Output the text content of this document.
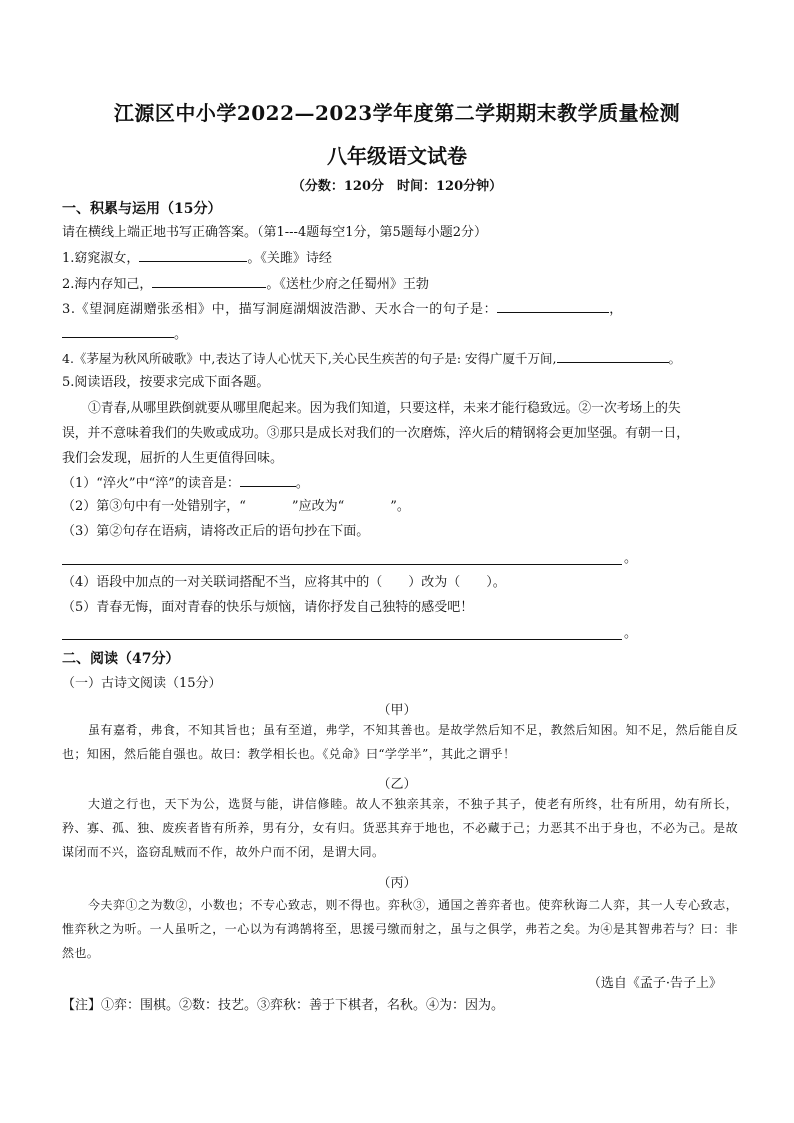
江源区中小学2022—2023学年度第二学期期末教学质量检测
八年级语文试卷
（分数：120分　时间：120分钟）
一、积累与运用（15分）
请在横线上端正地书写正确答案。（第1---4题每空1分，第5题每小题2分）
1.窈窕淑女，	。《关雎》诗经
2.海内存知己，	。《送杜少府之任蜀州》王勃
3.《望洞庭湖赠张丞相》中，描写洞庭湖烟波浩渺、天水合一的句子是：	，
。
4.《茅屋为秋风所破歌》中,表达了诗人心忧天下,关心民生疾苦的句子是: 安得广厦千万间,	。
5.阅读语段，按要求完成下面各题。
①青春,从哪里跌倒就要从哪里爬起来。因为我们知道，只要这样，未来才能行稳致远。②一次考场上的失
误，并不意味着我们的失败或成功。③那只是成长对我们的一次磨炼，淬火后的精钢将会更加坚强。有朝一日，
我们会发现，屈折的人生更值得回味。
（1）“淬火”中“淬”的读音是：	。
（2）第③句中有一处错别字，“	”应改为“	”。
（3）第②句存在语病，请将改正后的语句抄在下面。
。
（4）语段中加点的一对关联词搭配不当，应将其中的（　　）改为（　　）。
（5）青春无悔，面对青春的快乐与烦恼，请你抒发自己独特的感受吧！
。
二、阅读（47分）
（一）古诗文阅读（15分）
（甲）
虽有嘉肴，弗食，不知其旨也；虽有至道，弗学，不知其善也。是故学然后知不足，教然后知困。知不足，然后能自反也；知困，然后能自强也。故曰：教学相长也。《兑命》曰“学学半”，其此之谓乎！
（乙）
大道之行也，天下为公，选贤与能，讲信修睦。故人不独亲其亲，不独子其子，使老有所终，壮有所用，幼有所长，矜、寡、孤、独、废疾者皆有所养，男有分，女有归。货恶其弃于地也，不必藏于己；力恶其不出于身也，不必为己。是故谋闭而不兴，盗窃乱贼而不作，故外户而不闭，是谓大同。
（丙）
今夫弈①之为数②，小数也；不专心致志，则不得也。弈秋③，通国之善弈者也。使弈秋诲二人弈，其一人专心致志，惟弈秋之为听。一人虽听之，一心以为有鸿鹄将至，思援弓缴而射之，虽与之俱学，弗若之矣。为④是其智弗若与？曰：非然也。
（选自《孟子·告子上》
【注】①弈：围棋。②数：技艺。③弈秋：善于下棋者，名秋。④为：因为。
